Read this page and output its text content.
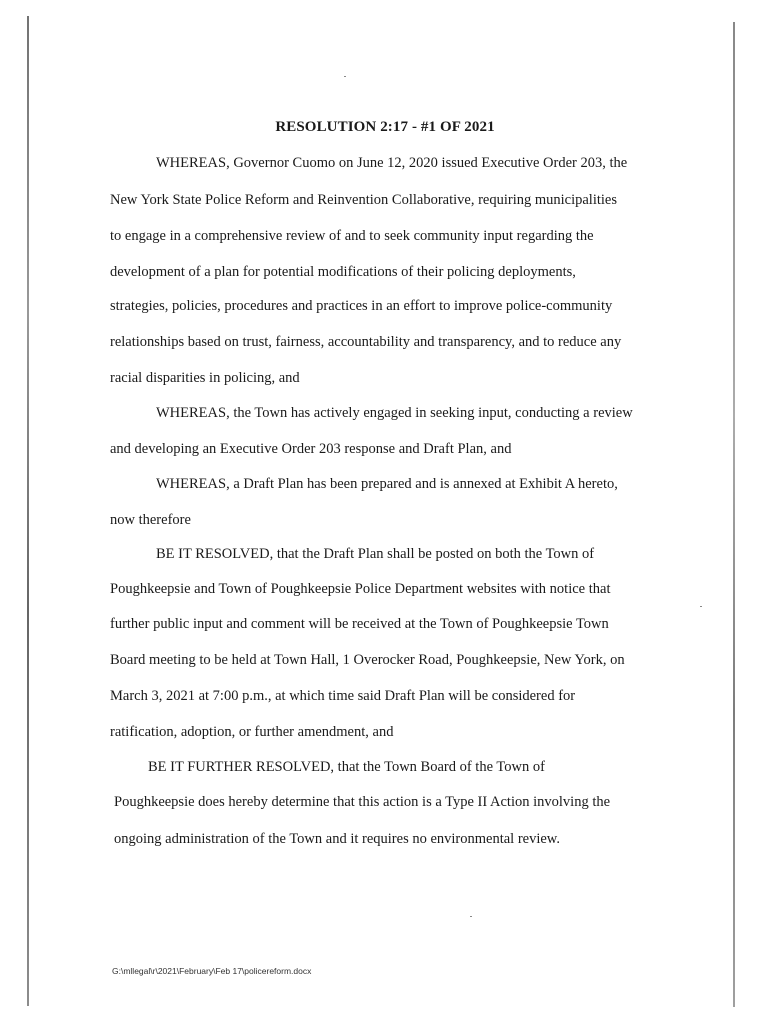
RESOLUTION 2:17 - #1 OF 2021
WHEREAS, Governor Cuomo on June 12, 2020 issued Executive Order 203, the
New York State Police Reform and Reinvention Collaborative, requiring municipalities
to engage in a comprehensive review of and to seek community input regarding the
development of a plan for potential modifications of their policing deployments,
strategies, policies, procedures and practices in an effort to improve police-community
relationships based on trust, fairness, accountability and transparency, and to reduce any
racial disparities in policing, and
WHEREAS, the Town has actively engaged in seeking input, conducting a review
and developing an Executive Order 203 response and Draft Plan, and
WHEREAS, a Draft Plan has been prepared and is annexed at Exhibit A hereto,
now therefore
BE IT RESOLVED, that the Draft Plan shall be posted on both the Town of
Poughkeepsie and Town of Poughkeepsie Police Department websites with notice that
further public input and comment will be received at the Town of Poughkeepsie Town
Board meeting to be held at Town Hall, 1 Overocker Road, Poughkeepsie, New York, on
March 3, 2021 at 7:00 p.m., at which time said Draft Plan will be considered for
ratification, adoption, or further amendment, and
BE IT FURTHER RESOLVED, that the Town Board of the Town of
Poughkeepsie does hereby determine that this action is a Type II Action involving the
ongoing administration of the Town and it requires no environmental review.
G:\mllegal\r\2021\February\Feb 17\policereform.docx
